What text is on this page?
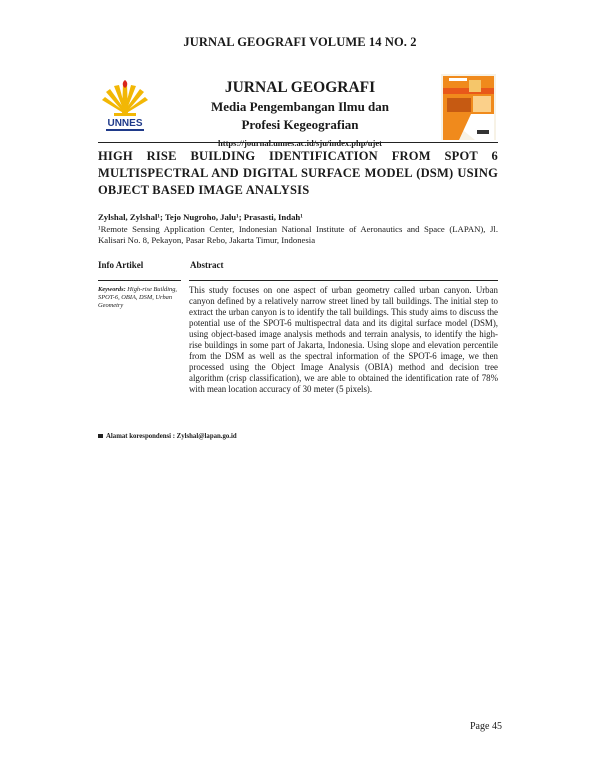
JURNAL GEOGRAFI VOLUME 14 NO. 2
UNNES
JURNAL GEOGRAFI
Media Pengembangan Ilmu dan
Profesi Kegeografian
https://journal.unnes.ac.id/sju/index.php/ujet
HIGH RISE BUILDING IDENTIFICATION FROM SPOT 6
MULTISPECTRAL AND DIGITAL SURFACE MODEL (DSM) USING
OBJECT BASED IMAGE ANALYSIS
Zylshal, Zylshal¹; Tejo Nugroho, Jalu¹; Prasasti, Indah¹
¹Remote Sensing Application Center, Indonesian National Institute of Aeronautics and Space (LAPAN), Jl. Kalisari No. 8, Pekayon, Pasar Rebo, Jakarta Timur, Indonesia
Info Artikel	Abstract
Keywords: High-rise Building, SPOT-6, OBIA, DSM, Urban Geometry
This study focuses on one aspect of urban geometry called urban canyon. Urban canyon defined by a relatively narrow street lined by tall buildings. The initial step to extract the urban canyon is to identify the tall buildings. This study aims to discuss the potential use of the SPOT-6 multispectral data and its digital surface model (DSM), using object-based image analysis methods and terrain analysis, to identify the high-rise buildings in some part of Jakarta, Indonesia. Using slope and elevation percentile from the DSM as well as the spectral information of the SPOT-6 image, we then processed using the Object Image Analysis (OBIA) method and decision tree algorithm (crisp classification), we are able to obtained the identification rate of 78% with mean location accuracy of 30 meter (5 pixels).
Alamat korespondensi : Zylshal@lapan.go.id
Page 45
